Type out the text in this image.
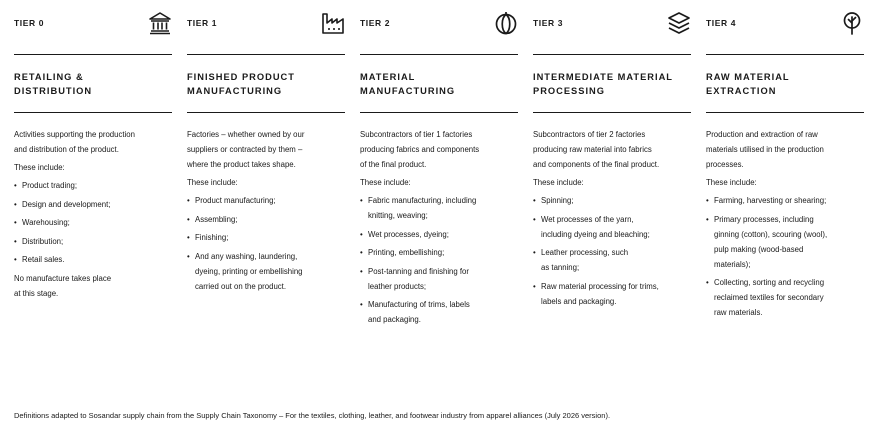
TIER 0
RETAILING &
DISTRIBUTION

Activities supporting the production
and distribution of the product.

These include:

• Product trading;
• Design and development;
• Warehousing;
• Distribution;
• Retail sales.

No manufacture takes place
at this stage.

TIER 1
FINISHED PRODUCT
MANUFACTURING

Factories – whether owned by our
suppliers or contracted by them –
where the product takes shape.

These include:

• Product manufacturing;
• Assembling;
• Finishing;
• And any washing, laundering,
dyeing, printing or embellishing
carried out on the product.
TIER 2
MATERIAL
MANUFACTURING

Subcontractors of tier 1 factories
producing fabrics and components
of the final product.

These include:

• Fabric manufacturing, including
knitting, weaving;
• Wet processes, dyeing;
• Printing, embellishing;
• Post-tanning and finishing for
leather products;
• Manufacturing of trims, labels
and packaging.
TIER 3
INTERMEDIATE MATERIAL
PROCESSING

Subcontractors of tier 2 factories
producing raw material into fabrics
and components of the final product.

These include:

• Spinning;
• Wet processes of the yarn,
including dyeing and bleaching;
• Leather processing, such
as tanning;
• Raw material processing for trims,
labels and packaging.
TIER 4
RAW MATERIAL
EXTRACTION

Production and extraction of raw
materials utilised in the production
processes.

These include:

• Farming, harvesting or shearing;
• Primary processes, including
ginning (cotton), scouring (wool),
pulp making (wood-based
materials);
• Collecting, sorting and recycling
reclaimed textiles for secondary
raw materials.
Definitions adapted to Sosandar supply chain from the Supply Chain Taxonomy – For the textiles, clothing, leather, and footwear industry from apparel alliances (July 2026 version).
